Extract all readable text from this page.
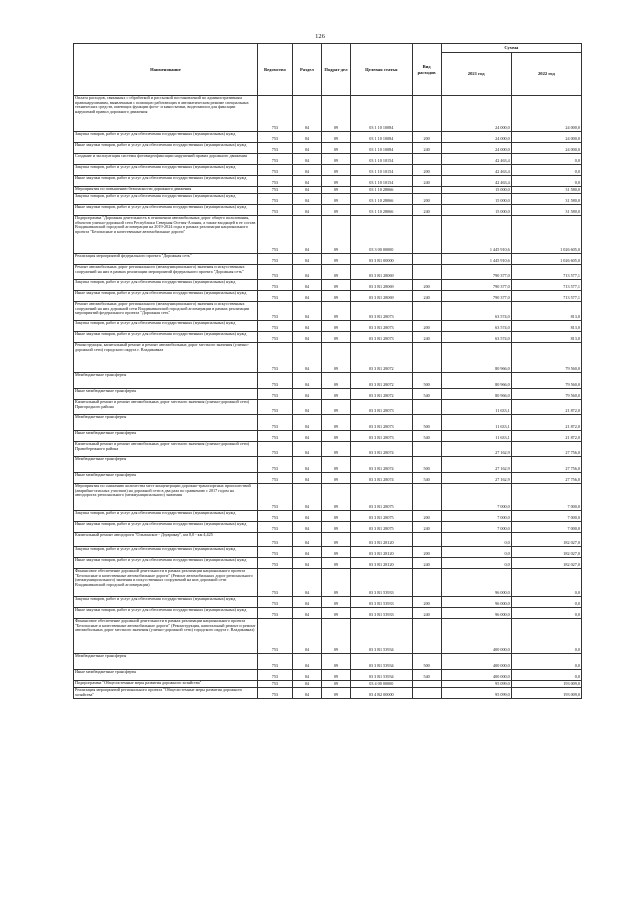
126
Наименование	Ведомство	Раздел	Подраз-дел	Целевая статья	Вид расходов	Сумма	
						2021 год	2022 год
Оплата расходов, связанных с обработкой и рассылкой постановлений по административным правонарушениям, выявленным с помощью работающих в автоматическом режиме специальных технических средств, имеющих функции фото- и киносъемки, видеозаписи для фиксации нарушений правил дорожного движения	753	04	09	03 1 10 10084		24 000,0	24 000,0
Закупка товаров, работ и услуг для обеспечения государственных (муниципальных) нужд	753	04	09	03 1 10 10084	200	24 000,0	24 000,0
Иные закупки товаров, работ и услуг для обеспечения государственных (муниципальных) нужд	753	04	09	03 1 10 10084	240	24 000,0	24 000,0
Создание и эксплуатация системы фотовидеофиксации нарушений правил дорожного движения	753	04	09	03 1 10 10154		42 463,4	0,0
Закупка товаров, работ и услуг для обеспечения государственных (муниципальных) нужд	753	04	09	03 1 10 10154	200	42 463,4	0,0
Иные закупки товаров, работ и услуг для обеспечения государственных (муниципальных) нужд	753	04	09	03 1 10 10154	240	42 463,4	0,0
Мероприятия по повышению безопасности дорожного движения	753	04	09	03 1 10 28066		15 000,0	31 580,0
Закупка товаров, работ и услуг для обеспечения государственных (муниципальных) нужд	753	04	09	03 1 10 28066	200	15 000,0	31 580,0
Иные закупки товаров, работ и услуг для обеспечения государственных (муниципальных) нужд	753	04	09	03 1 10 28066	240	15 000,0	31 580,0
Подпрограмма "Дорожная деятельность в отношении автомобильных дорог общего пользования, объектов улично-дорожной сети Республики Северная Осетия-Алания, а также входящей в ее состав Владикавказской городской агломерации на 2019-2024 годы в рамках реализации национального проекта "Безопасные и качественные автомобильные дороги"	753	04	09	03 3 00 00000		1 445 910,6	1 026 605,0
Реализация мероприятий федерального проекта "Дорожная сеть"	753	04	09	03 3 R1 00000		1 445 910,6	1 026 605,0
Ремонт автомобильных дорог регионального (межмуниципального) значения и искусственных сооружений на них в рамках реализации мероприятий федерального проекта "Дорожная сеть"	753	04	09	03 3 R1 28069		790 377,0	713 577,1
Закупка товаров, работ и услуг для обеспечения государственных (муниципальных) нужд	753	04	09	03 3 R1 28069	200	790 377,0	713 577,1
Иные закупки товаров, работ и услуг для обеспечения государственных (муниципальных) нужд	753	04	09	03 3 R1 28069	240	790 377,0	713 577,1
Ремонт автомобильных дорог регионального (межмуниципального) значения и искусственных сооружений на них дорожной сети Владикавказской городской агломерации в рамках реализации мероприятий федерального проекта "Дорожная сеть"	753	04	09	03 3 R1 28073		63 574,0	813,0
Закупка товаров, работ и услуг для обеспечения государственных (муниципальных) нужд	753	04	09	03 3 R1 28073	200	63 574,0	813,0
Иные закупки товаров, работ и услуг для обеспечения государственных (муниципальных) нужд	753	04	09	03 3 R1 28073	240	63 574,0	813,0
Реконструкция, капитальный ремонт и ремонт автомобильных дорог местного значения (улично-дорожной сети) городского округа г. Владикавказ	753	04	09	03 3 R1 28072		80 966,0	79 560,0
Межбюджетные трансферты	753	04	09	03 3 R1 28072	500	80 966,0	79 560,0
Иные межбюджетные трансферты	753	04	09	03 3 R1 28072	540	80 966,0	79 560,0
Капитальный ремонт и ремонт автомобильных дорог местного значения (улично-дорожной сети) Пригородного района	753	04	09	03 3 R1 28073		11 633,1	21 872,0
Межбюджетные трансферты	753	04	09	03 3 R1 28073	500	11 633,1	21 872,0
Иные межбюджетные трансферты	753	04	09	03 3 R1 28073	540	11 633,1	21 872,0
Капитальный ремонт и ремонт автомобильных дорог местного значения (улично-дорожной сети) Правобережного района	753	04	09	03 3 R1 28074		27 162,9	27 756,0
Межбюджетные трансферты	753	04	09	03 3 R1 28074	500	27 162,9	27 756,0
Иные межбюджетные трансферты	753	04	09	03 3 R1 28074	540	27 162,9	27 756,0
Мероприятия по снижению количества мест концентрации дорожно-транспортных происшествий (аварийно-опасных участков) на дорожной сети в два раза по сравнению с 2017 годом на автодорогах регионального (межмуниципального) значения	753	04	09	03 3 R1 28075		7 000,0	7 000,0
Закупка товаров, работ и услуг для обеспечения государственных (муниципальных) нужд	753	04	09	03 3 R1 28075	200	7 000,0	7 000,0
Иные закупки товаров, работ и услуг для обеспечения государственных (муниципальных) нужд	753	04	09	03 3 R1 28075	240	7 000,0	7 000,0
Капитальный ремонт автодороги "Ольгинское - Дзуарикау", км 0,0 - км 4,425	753	04	09	03 3 R1 28120		0,0	182 027,0
Закупка товаров, работ и услуг для обеспечения государственных (муниципальных) нужд	753	04	09	03 3 R1 28120	200	0,0	182 027,0
Иные закупки товаров, работ и услуг для обеспечения государственных (муниципальных) нужд	753	04	09	03 3 R1 28120	240	0,0	182 027,0
Финансовое обеспечение дорожной деятельности в рамках реализации национального проекта "Безопасные и качественные автомобильные дороги" (Ремонт автомобильных дорог регионального (межмуниципального) значения и искусственных сооружений на них дорожной сети Владикавказской городской агломерации)	753	04	09	03 3 R1 53933		96 000,0	0,0
Закупка товаров, работ и услуг для обеспечения государственных (муниципальных) нужд	753	04	09	03 3 R1 53933	200	96 000,0	0,0
Иные закупки товаров, работ и услуг для обеспечения государственных (муниципальных) нужд	753	04	09	03 3 R1 53933	240	96 000,0	0,0
Финансовое обеспечение дорожной деятельности в рамках реализации национального проекта "Безопасные и качественные автомобильные дороги" (Реконструкция, капитальный ремонт и ремонт автомобильных дорог местного значения (улично-дорожной сети) городского округа г. Владикавказ)	753	04	09	03 3 R1 53934		400 000,0	0,0
Межбюджетные трансферты	753	04	09	03 3 R1 53934	500	400 000,0	0,0
Иные межбюджетные трансферты	753	04	09	03 3 R1 53934	540	400 000,0	0,0
Подпрограмма "Общесистемные меры развития дорожного хозяйства"	753	04	09	03 4 00 00000		95 099,0	193 009,0
Реализация мероприятий регионального проекта "Общесистемные меры развития дорожного хозяйства"	753	04	09	03 4 R2 00000		95 099,0	193 009,0
